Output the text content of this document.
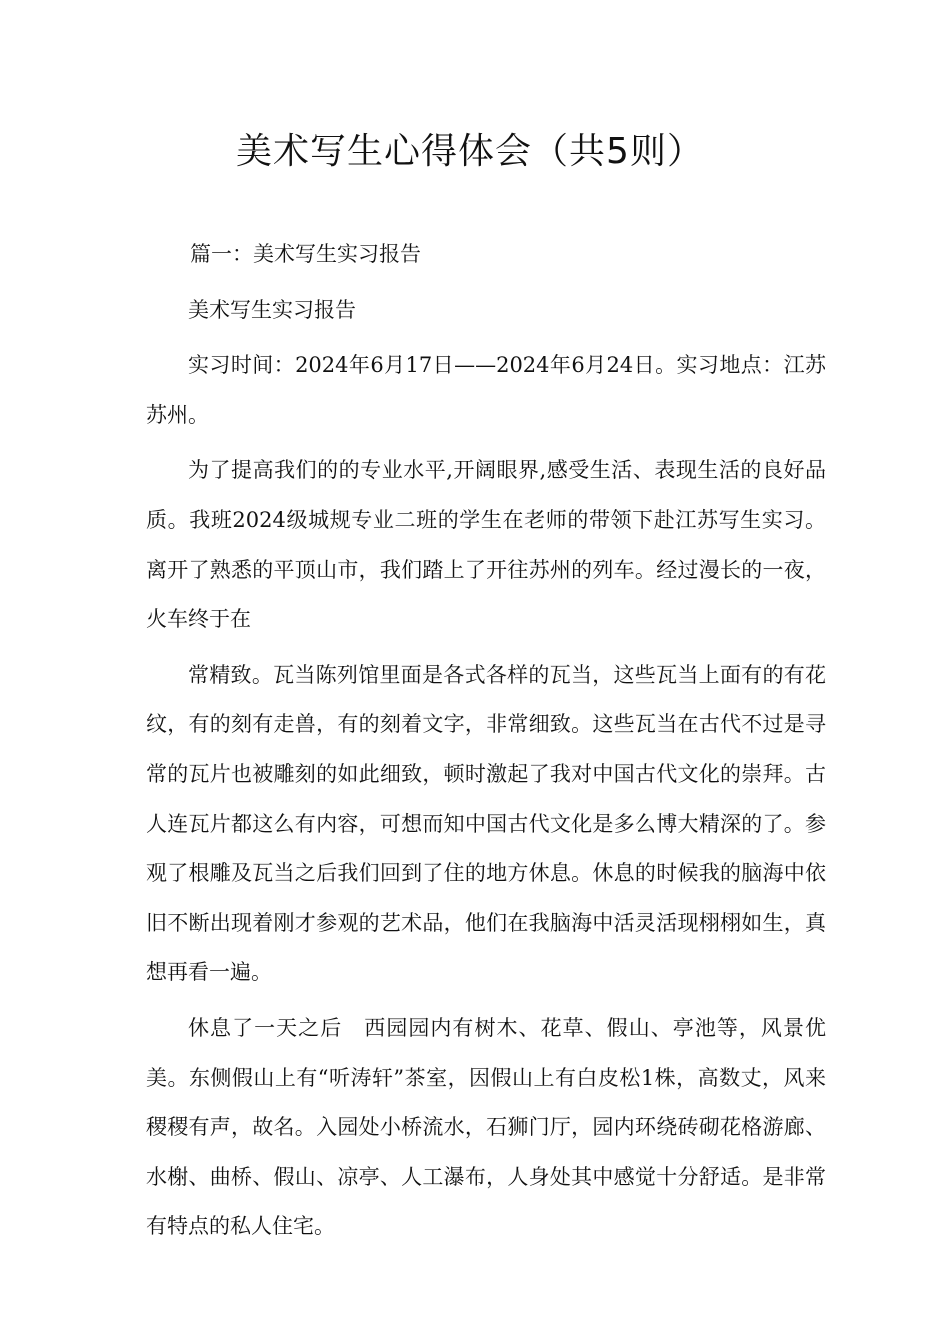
美术写生心得体会（共5则）

篇一：美术写生实习报告

美术写生实习报告

实习时间：2024年6月17日——2024年6月24日。实习地点：江苏苏州。

为了提高我们的的专业水平,开阔眼界,感受生活、表现生活的良好品质。我班2024级城规专业二班的学生在老师的带领下赴江苏写生实习。离开了熟悉的平顶山市，我们踏上了开往苏州的列车。经过漫长的一夜，火车终于在

常精致。瓦当陈列馆里面是各式各样的瓦当，这些瓦当上面有的有花纹，有的刻有走兽，有的刻着文字，非常细致。这些瓦当在古代不过是寻常的瓦片也被雕刻的如此细致，顿时激起了我对中国古代文化的崇拜。古人连瓦片都这么有内容，可想而知中国古代文化是多么博大精深的了。参观了根雕及瓦当之后我们回到了住的地方休息。休息的时候我的脑海中依旧不断出现着刚才参观的艺术品，他们在我脑海中活灵活现栩栩如生，真想再看一遍。

休息了一天之后　西园园内有树木、花草、假山、亭池等，风景优美。东侧假山上有“听涛轩”茶室，因假山上有白皮松1株，高数丈，风来稷稷有声，故名。入园处小桥流水，石狮门厅，园内环绕砖砌花格游廊、水榭、曲桥、假山、凉亭、人工瀑布，人身处其中感觉十分舒适。是非常有特点的私人住宅。
